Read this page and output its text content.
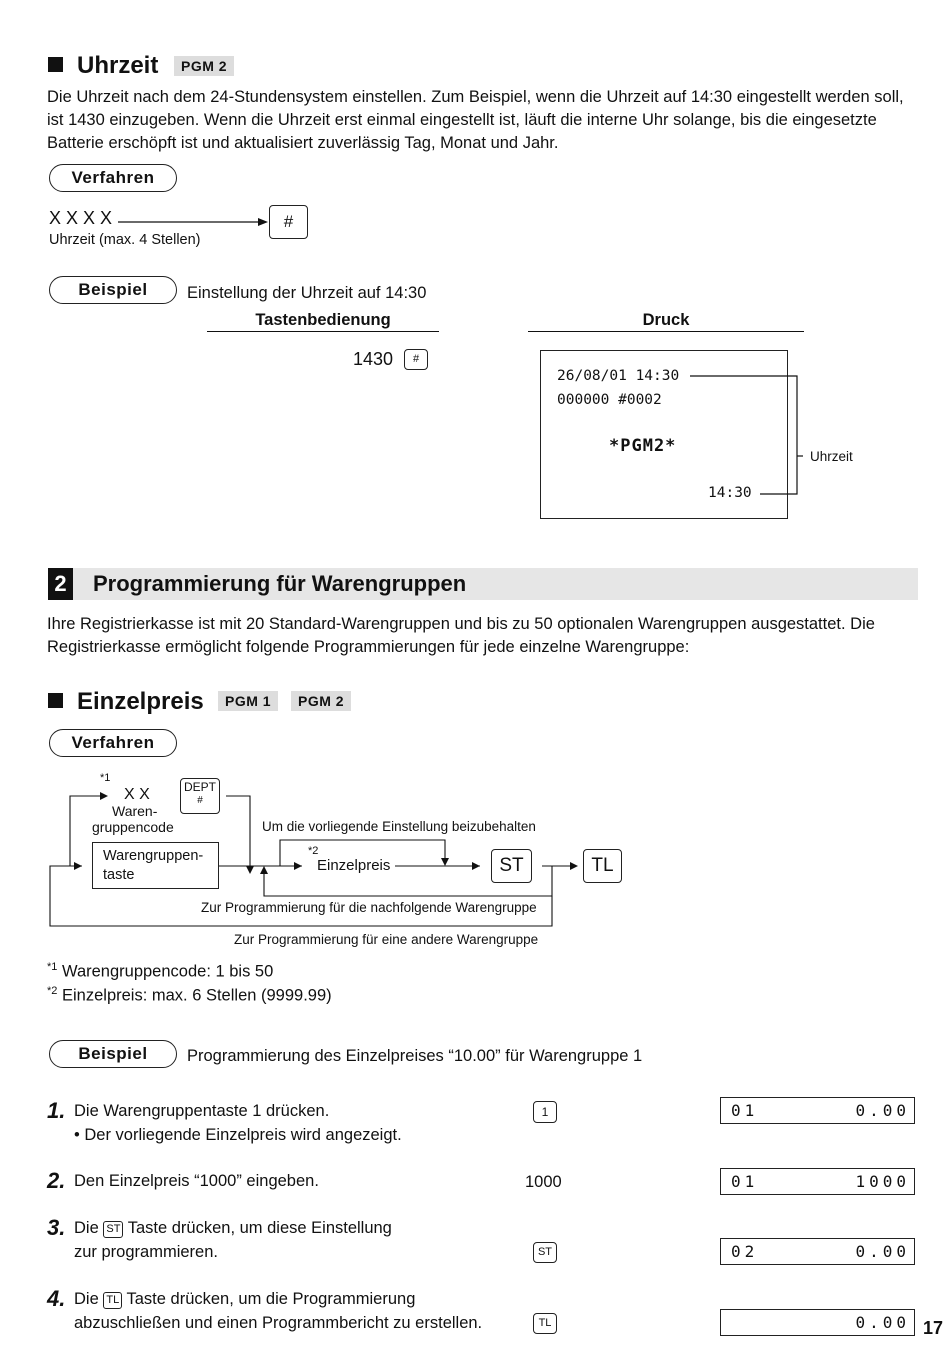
Uhrzeit	PGM 2
Die Uhrzeit nach dem 24-Stundensystem einstellen. Zum Beispiel, wenn die Uhrzeit auf 14:30 eingestellt werden soll, ist 1430 einzugeben. Wenn die Uhrzeit erst einmal eingestellt ist, läuft die interne Uhr solange, bis die eingesetzte Batterie erschöpft ist und aktualisiert zuverlässig Tag, Monat und Jahr.
Verfahren
X X X X
Uhrzeit (max. 4 Stellen)
#
Beispiel	Einstellung der Uhrzeit auf 14:30
Tastenbedienung	Druck
1430	#
26/08/01 14:30
000000 #0002
*PGM2*
14:30
Uhrzeit
2 Programmierung für Warengruppen
Ihre Registrierkasse ist mit 20 Standard-Warengruppen und bis zu 50 optionalen Warengruppen ausgestattet. Die Registrierkasse ermöglicht folgende Programmierungen für jede einzelne Warengruppe:
Einzelpreis	PGM 1	PGM 2
Verfahren
*1
X X
Waren-
gruppencode
DEPT
#
Um die vorliegende Einstellung beizubehalten
Warengruppen-
taste
*2
Einzelpreis	ST	TL
Zur Programmierung für die nachfolgende Warengruppe
Zur Programmierung für eine andere Warengruppe
$^{*1}$ Warengruppencode: 1 bis 50
$^{*2}$ Einzelpreis: max. 6 Stellen (9999.99)
Beispiel	Programmierung des Einzelpreises “10.00” für Warengruppe 1
1. Die Warengruppentaste 1 drücken.
• Der vorliegende Einzelpreis wird angezeigt.
1	01	0.00
2. Den Einzelpreis “1000” eingeben.	1000	01	1000
3. Die ST Taste drücken, um diese Einstellung
zur programmieren.	ST	02	0.00
4. Die TL Taste drücken, um die Programmierung
abzuschließen und einen Programmbericht zu erstellen.	TL	0.00 17
